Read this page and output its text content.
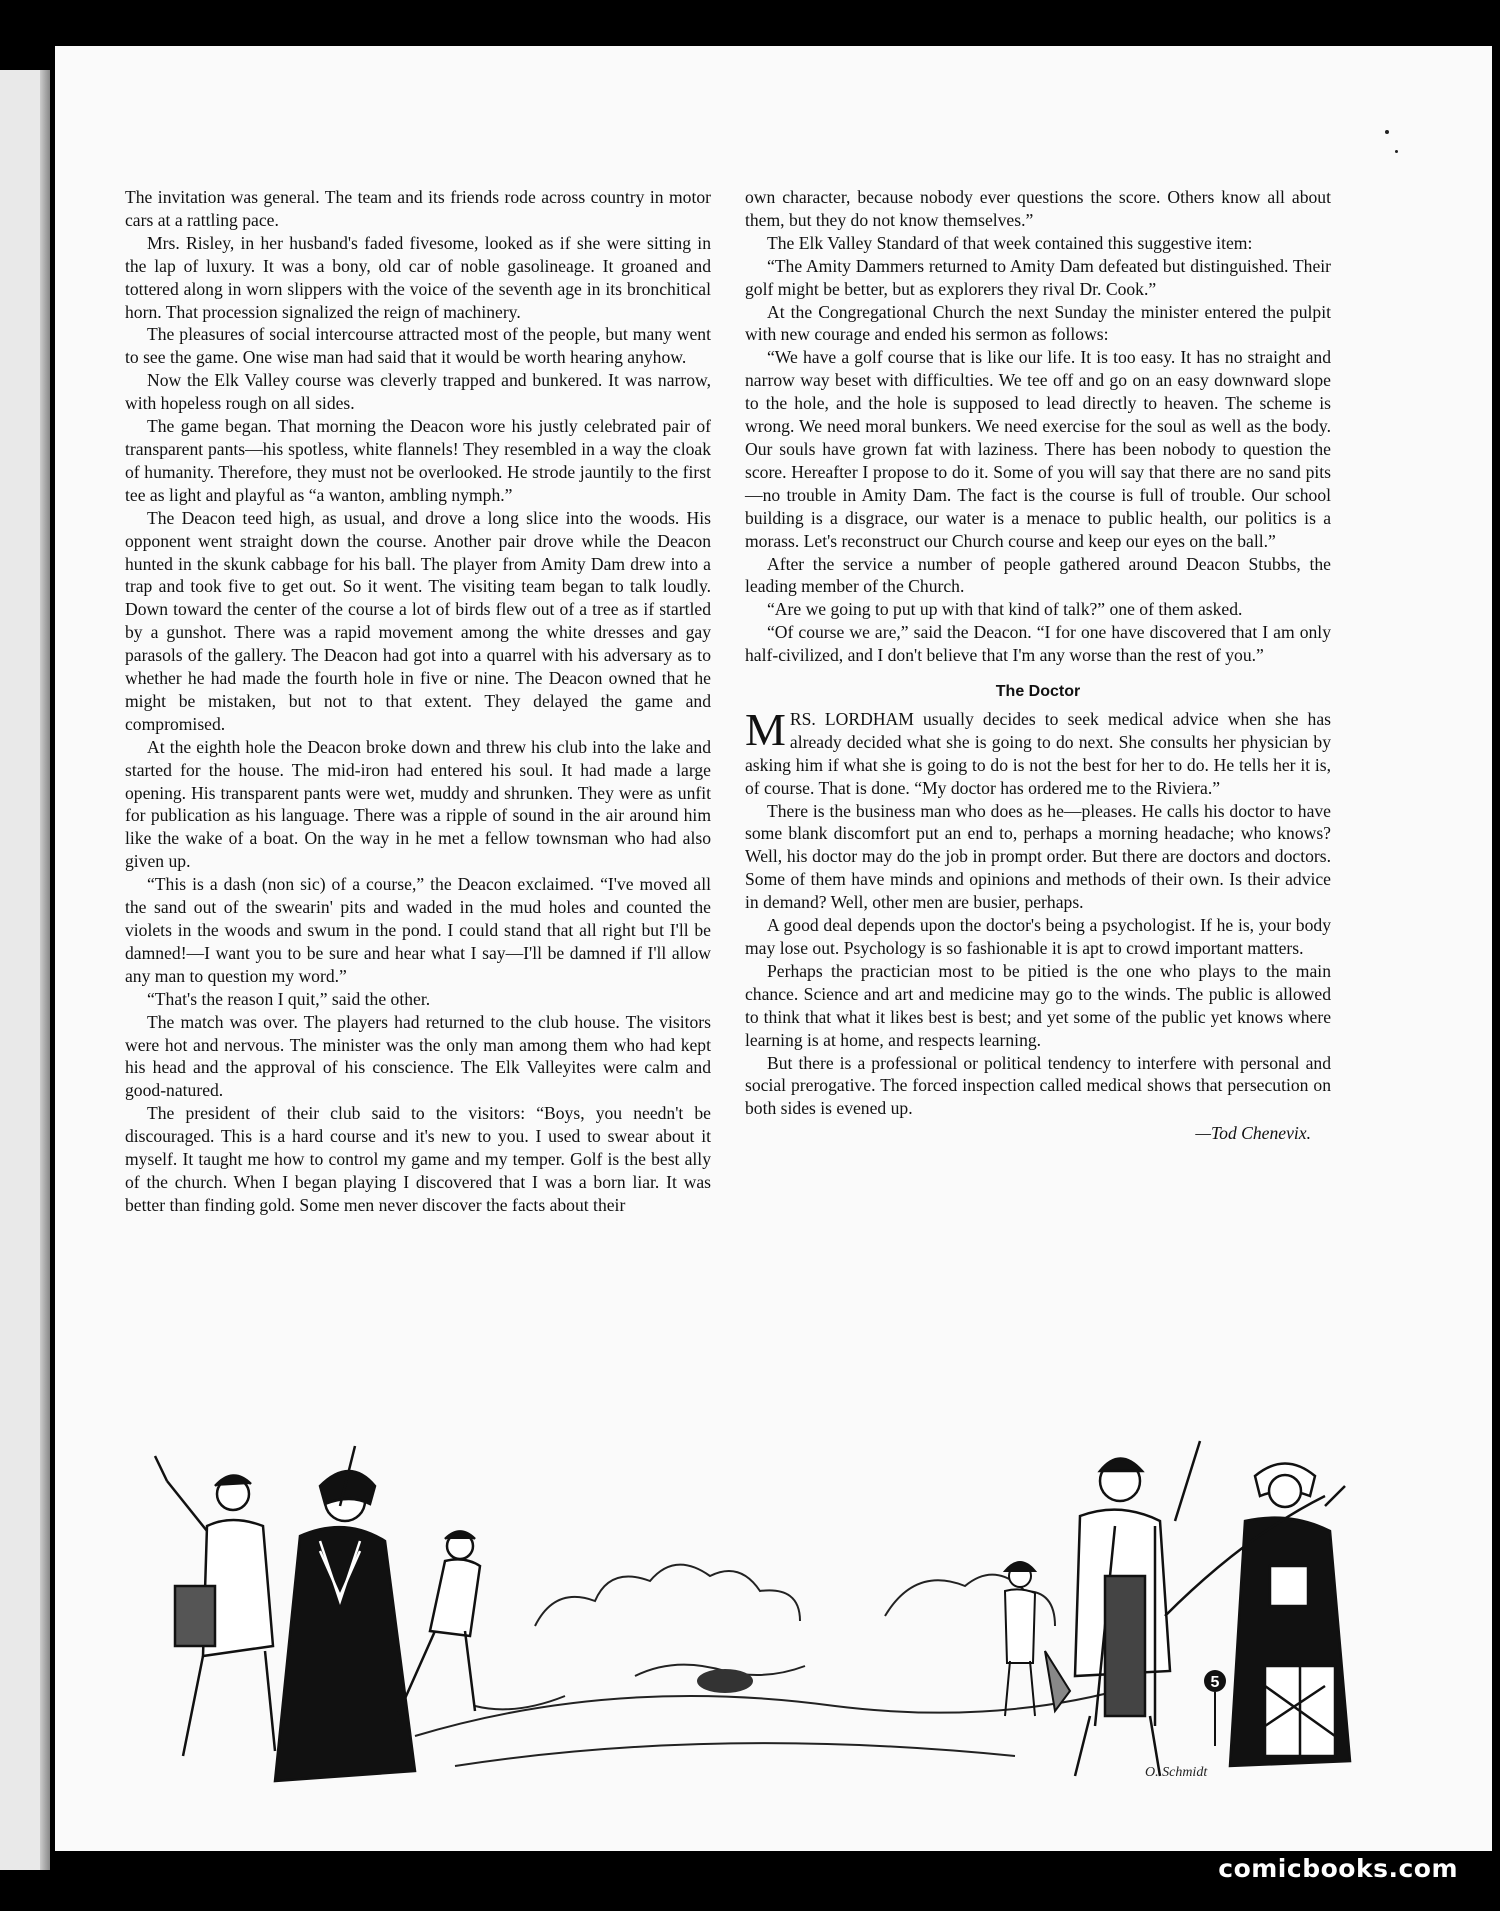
The invitation was general. The team and its friends rode across country in motor cars at a rattling pace.

Mrs. Risley, in her husband's faded fivesome, looked as if she were sitting in the lap of luxury. It was a bony, old car of noble gasolineage. It groaned and tottered along in worn slippers with the voice of the seventh age in its bronchitical horn. That procession signalized the reign of machinery.

The pleasures of social intercourse attracted most of the people, but many went to see the game. One wise man had said that it would be worth hearing anyhow.

Now the Elk Valley course was cleverly trapped and bunkered. It was narrow, with hopeless rough on all sides.

The game began. That morning the Deacon wore his justly celebrated pair of transparent pants—his spotless, white flannels! They resembled in a way the cloak of humanity. Therefore, they must not be overlooked. He strode jauntily to the first tee as light and playful as “a wanton, ambling nymph.”

The Deacon teed high, as usual, and drove a long slice into the woods. His opponent went straight down the course. Another pair drove while the Deacon hunted in the skunk cabbage for his ball. The player from Amity Dam drew into a trap and took five to get out. So it went. The visiting team began to talk loudly. Down toward the center of the course a lot of birds flew out of a tree as if startled by a gunshot. There was a rapid movement among the white dresses and gay parasols of the gallery. The Deacon had got into a quarrel with his adversary as to whether he had made the fourth hole in five or nine. The Deacon owned that he might be mistaken, but not to that extent. They delayed the game and compromised.

At the eighth hole the Deacon broke down and threw his club into the lake and started for the house. The mid-iron had entered his soul. It had made a large opening. His transparent pants were wet, muddy and shrunken. They were as unfit for publication as his language. There was a ripple of sound in the air around him like the wake of a boat. On the way in he met a fellow townsman who had also given up.

“This is a dash (non sic) of a course,” the Deacon exclaimed. “I've moved all the sand out of the swearin' pits and waded in the mud holes and counted the violets in the woods and swum in the pond. I could stand that all right but I'll be damned!—I want you to be sure and hear what I say—I'll be damned if I'll allow any man to question my word.”

“That's the reason I quit,” said the other.

The match was over. The players had returned to the club house. The visitors were hot and nervous. The minister was the only man among them who had kept his head and the approval of his conscience. The Elk Valleyites were calm and good-natured.

The president of their club said to the visitors: “Boys, you needn't be discouraged. This is a hard course and it's new to you. I used to swear about it myself. It taught me how to control my game and my temper. Golf is the best ally of the church. When I began playing I discovered that I was a born liar. It was better than finding gold. Some men never discover the facts about their

own character, because nobody ever questions the score. Others know all about them, but they do not know themselves.”

The Elk Valley Standard of that week contained this suggestive item:

“The Amity Dammers returned to Amity Dam defeated but distinguished. Their golf might be better, but as explorers they rival Dr. Cook.”

At the Congregational Church the next Sunday the minister entered the pulpit with new courage and ended his sermon as follows:

“We have a golf course that is like our life. It is too easy. It has no straight and narrow way beset with difficulties. We tee off and go on an easy downward slope to the hole, and the hole is supposed to lead directly to heaven. The scheme is wrong. We need moral bunkers. We need exercise for the soul as well as the body. Our souls have grown fat with laziness. There has been nobody to question the score. Hereafter I propose to do it. Some of you will say that there are no sand pits—no trouble in Amity Dam. The fact is the course is full of trouble. Our school building is a disgrace, our water is a menace to public health, our politics is a morass. Let's reconstruct our Church course and keep our eyes on the ball.”

After the service a number of people gathered around Deacon Stubbs, the leading member of the Church.

“Are we going to put up with that kind of talk?” one of them asked.

“Of course we are,” said the Deacon. “I for one have discovered that I am only half-civilized, and I don't believe that I'm any worse than the rest of you.”

The Doctor

MRS. LORDHAM usually decides to seek medical advice when she has already decided what she is going to do next. She consults her physician by asking him if what she is going to do is not the best for her to do. He tells her it is, of course. That is done. “My doctor has ordered me to the Riviera.”

There is the business man who does as he—pleases. He calls his doctor to have some blank discomfort put an end to, perhaps a morning headache; who knows? Well, his doctor may do the job in prompt order. But there are doctors and doctors. Some of them have minds and opinions and methods of their own. Is their advice in demand? Well, other men are busier, perhaps.

A good deal depends upon the doctor's being a psychologist. If he is, your body may lose out. Psychology is so fashionable it is apt to crowd important matters.

Perhaps the practician most to be pitied is the one who plays to the main chance. Science and art and medicine may go to the winds. The public is allowed to think that what it likes best is best; and yet some of the public yet knows where learning is at home, and respects learning.

But there is a professional or political tendency to interfere with personal and social prerogative. The forced inspection called medical shows that persecution on both sides is evened up.

—Tod Chenevix.
5
O. Schmidt
comicbooks.com
